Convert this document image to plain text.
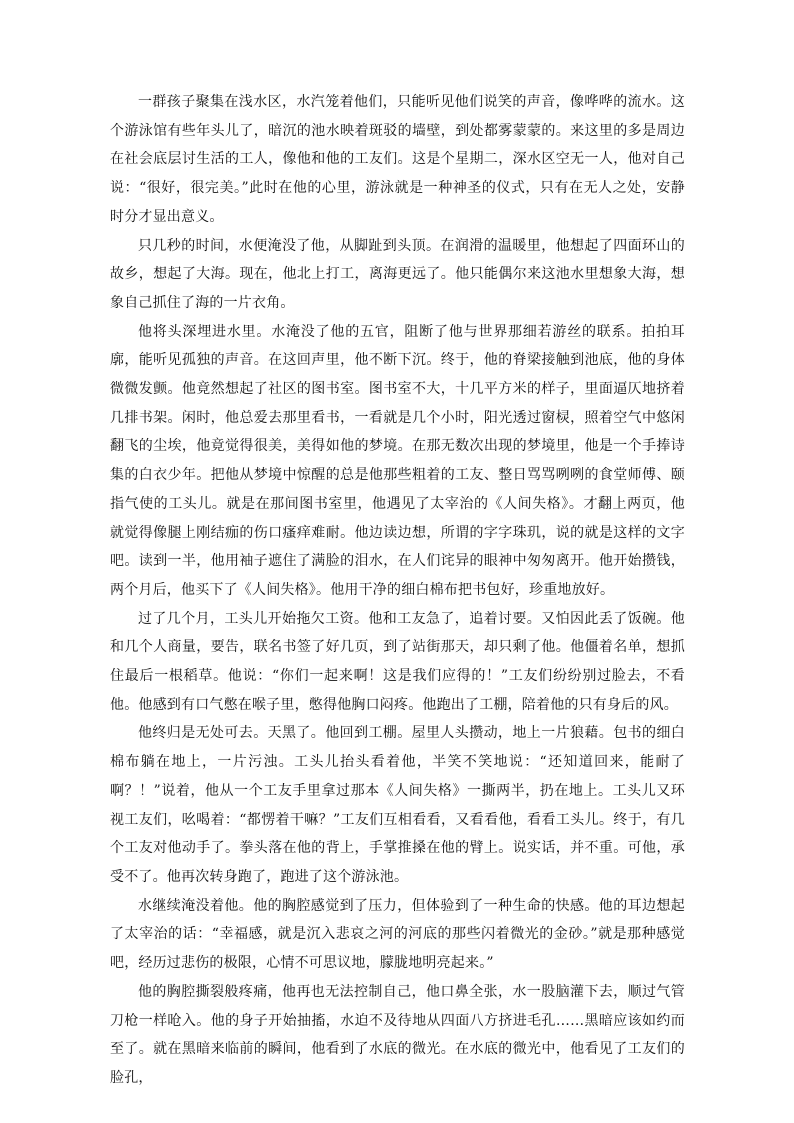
一群孩子聚集在浅水区，水汽笼着他们，只能听见他们说笑的声音，像哗哗的流水。这个游泳馆有些年头儿了，暗沉的池水映着斑驳的墙壁，到处都雾蒙蒙的。来这里的多是周边在社会底层讨生活的工人，像他和他的工友们。这是个星期二，深水区空无一人，他对自己说：“很好，很完美。”此时在他的心里，游泳就是一种神圣的仪式，只有在无人之处，安静时分才显出意义。

只几秒的时间，水便淹没了他，从脚趾到头顶。在润滑的温暖里，他想起了四面环山的故乡，想起了大海。现在，他北上打工，离海更远了。他只能偶尔来这池水里想象大海，想象自己抓住了海的一片衣角。

他将头深埋进水里。水淹没了他的五官，阻断了他与世界那细若游丝的联系。拍拍耳廓，能听见孤独的声音。在这回声里，他不断下沉。终于，他的脊梁接触到池底，他的身体微微发颤。他竟然想起了社区的图书室。图书室不大，十几平方米的样子，里面逼仄地挤着几排书架。闲时，他总爱去那里看书，一看就是几个小时，阳光透过窗棂，照着空气中悠闲翻飞的尘埃，他竟觉得很美，美得如他的梦境。在那无数次出现的梦境里，他是一个手捧诗集的白衣少年。把他从梦境中惊醒的总是他那些粗着的工友、整日骂骂咧咧的食堂师傅、颐指气使的工头儿。就是在那间图书室里，他遇见了太宰治的《人间失格》。才翻上两页，他就觉得像腿上刚结痂的伤口瘙痒难耐。他边读边想，所谓的字字珠玑，说的就是这样的文字吧。读到一半，他用袖子遮住了满脸的泪水，在人们诧异的眼神中匆匆离开。他开始攒钱，两个月后，他买下了《人间失格》。他用干净的细白棉布把书包好，珍重地放好。

过了几个月，工头儿开始拖欠工资。他和工友急了，追着讨要。又怕因此丢了饭碗。他和几个人商量，要告，联名书签了好几页，到了站街那天，却只剩了他。他僵着名单，想抓住最后一根稻草。他说：“你们一起来啊！这是我们应得的！”工友们纷纷别过脸去，不看他。他感到有口气憋在喉子里，憋得他胸口闷疼。他跑出了工棚，陪着他的只有身后的风。

他终归是无处可去。天黑了。他回到工棚。屋里人头攒动，地上一片狼藉。包书的细白棉布躺在地上，一片污浊。工头儿抬头看着他，半笑不笑地说：“还知道回来，能耐了啊？！”说着，他从一个工友手里拿过那本《人间失格》一撕两半，扔在地上。工头儿又环视工友们，吆喝着：“都愣着干嘛？”工友们互相看看，又看看他，看看工头儿。终于，有几个工友对他动手了。拳头落在他的背上，手掌推搡在他的臂上。说实话，并不重。可他，承受不了。他再次转身跑了，跑进了这个游泳池。

水继续淹没着他。他的胸腔感觉到了压力，但体验到了一种生命的快感。他的耳边想起了太宰治的话：“幸福感，就是沉入悲哀之河的河底的那些闪着微光的金砂。”就是那种感觉吧，经历过悲伤的极限，心情不可思议地，朦胧地明亮起来。”

他的胸腔撕裂般疼痛，他再也无法控制自己，他口鼻全张，水一股脑灌下去，顺过气管刀枪一样呛入。他的身子开始抽搐，水迫不及待地从四面八方挤进毛孔……黑暗应该如约而至了。就在黑暗来临前的瞬间，他看到了水底的微光。在水底的微光中，他看见了工友们的脸孔，
